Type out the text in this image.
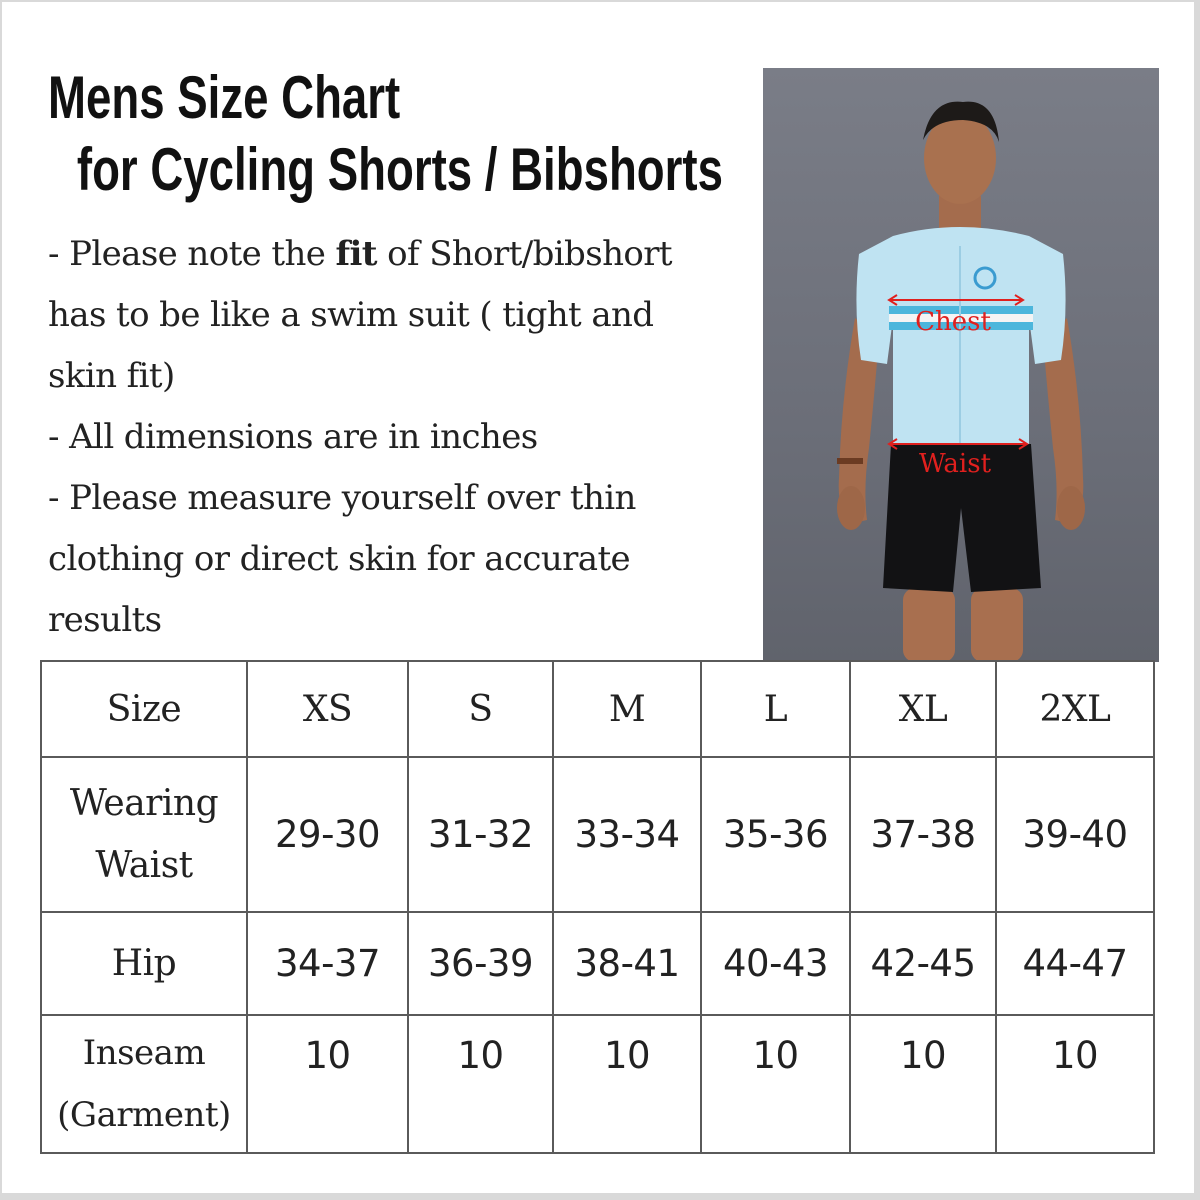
Mens Size Chart
for Cycling Shorts / Bibshorts
- Please note the fit of Short/bibshort
has to be like a swim suit ( tight and
skin fit)
- All dimensions are in inches
- Please measure yourself over thin
clothing or direct skin for accurate
results
Chest
Waist
Size	XS	S	M	L	XL	2XL

Wearing
Waist	29-30	31-32	33-34	35-36	37-38	39-40
Hip	34-37	36-39	38-41	40-43	42-45	44-47

Inseam
(Garment)	10	10	10	10	10	10
